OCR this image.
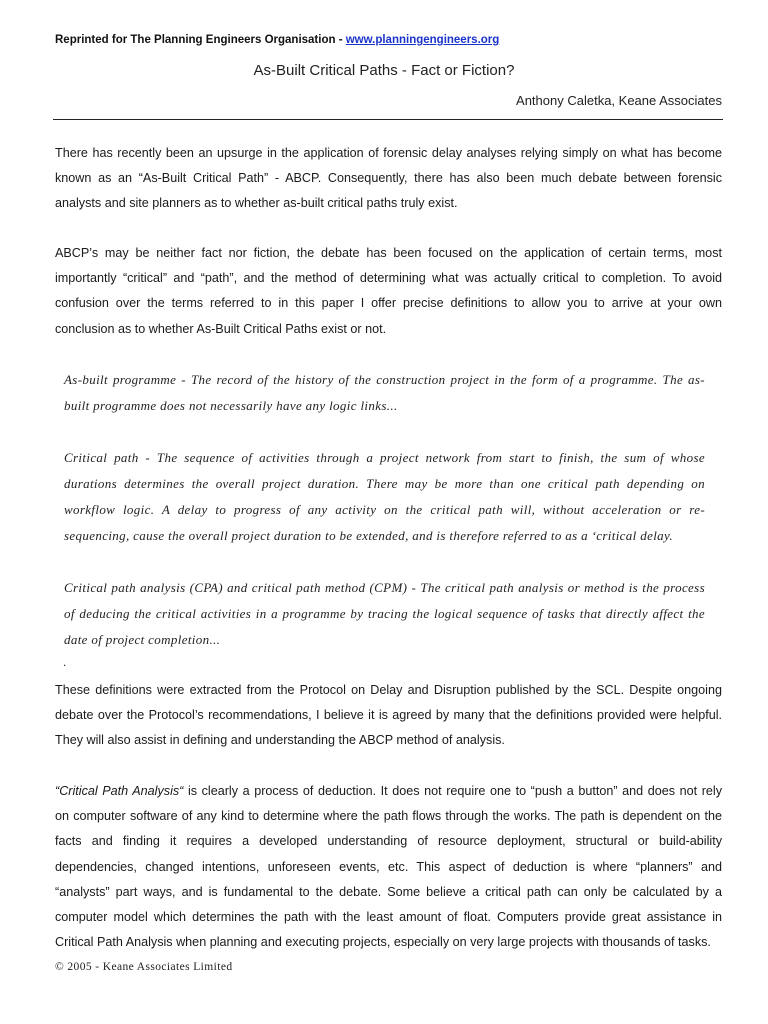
Reprinted for The Planning Engineers Organisation - www.planningengineers.org
As-Built Critical Paths - Fact or Fiction?
Anthony Caletka, Keane Associates
There has recently been an upsurge in the application of forensic delay analyses relying simply on what has become
known as an “As-Built Critical Path” - ABCP. Consequently, there has also been much debate between forensic
analysts and site planners as to whether as-built critical paths truly exist.
ABCP’s may be neither fact nor fiction, the debate has been focused on the application of certain terms, most
importantly “critical” and “path”, and the method of determining what was actually critical to completion. To avoid
confusion over the terms referred to in this paper I offer precise definitions to allow you to arrive at your own
conclusion as to whether As-Built Critical Paths exist or not.
As-built programme - The record of the history of the construction project in the form of a programme. The as-
built programme does not necessarily have any logic links...
Critical path - The sequence of activities through a project network from start to finish, the sum of whose
durations determines the overall project duration. There may be more than one critical path depending on
workflow logic. A delay to progress of any activity on the critical path will, without acceleration or re-
sequencing, cause the overall project duration to be extended, and is therefore referred to as a ‘critical delay.
Critical path analysis (CPA) and critical path method (CPM) - The critical path analysis or method is the process
of deducing the critical activities in a programme by tracing the logical sequence of tasks that directly affect the
date of project completion...
These definitions were extracted from the Protocol on Delay and Disruption published by the SCL. Despite ongoing
debate over the Protocol’s recommendations, I believe it is agreed by many that the definitions provided were helpful.
They will also assist in defining and understanding the ABCP method of analysis.
“Critical Path Analysis“ is clearly a process of deduction. It does not require one to “push a button” and does not rely
on computer software of any kind to determine where the path flows through the works. The path is dependent on the
facts and finding it requires a developed understanding of resource deployment, structural or build-ability
dependencies, changed intentions, unforeseen events, etc. This aspect of deduction is where “planners” and
“analysts” part ways, and is fundamental to the debate. Some believe a critical path can only be calculated by a
computer model which determines the path with the least amount of float. Computers provide great assistance in
Critical Path Analysis when planning and executing projects, especially on very large projects with thousands of tasks.
.
© 2005 - Keane Associates Limited
